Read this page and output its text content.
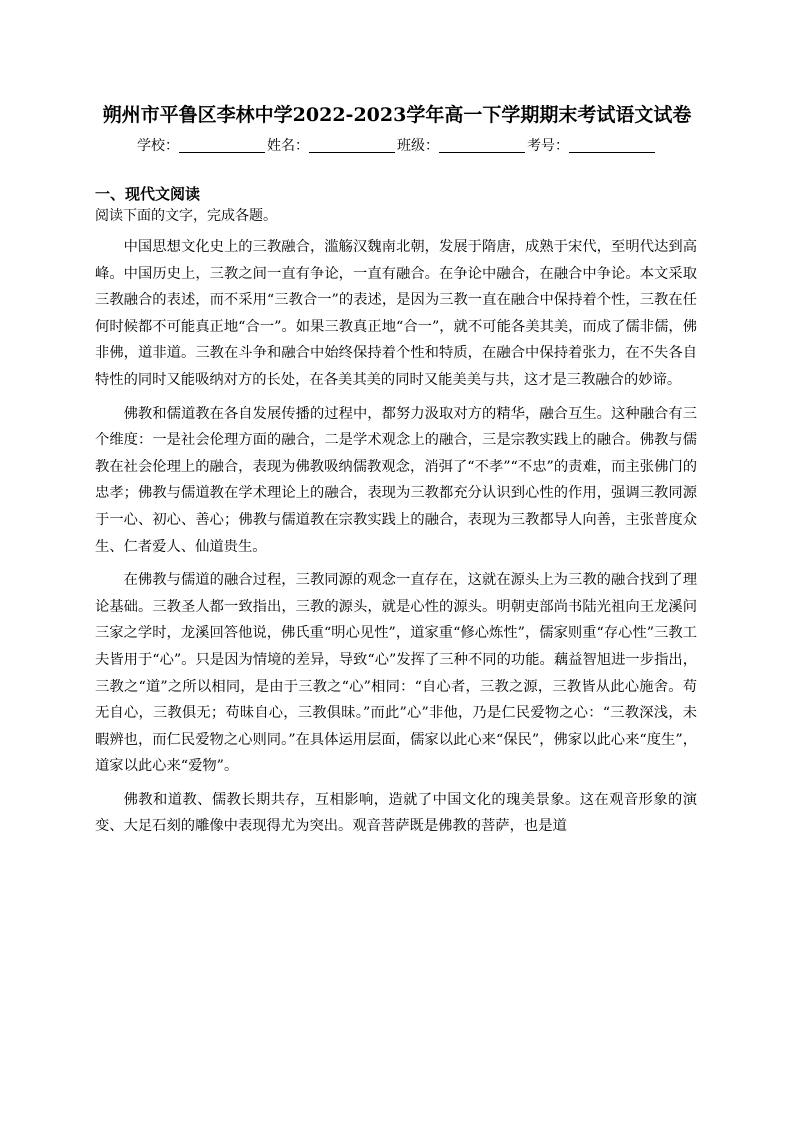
朔州市平鲁区李林中学2022-2023学年高一下学期期末考试语文试卷
学校：	姓名：	班级：	考号：
一、现代文阅读
阅读下面的文字，完成各题。

中国思想文化史上的三教融合，滥觞汉魏南北朝，发展于隋唐，成熟于宋代，至明代达到高峰。中国历史上，三教之间一直有争论，一直有融合。在争论中融合，在融合中争论。本文采取三教融合的表述，而不采用“三教合一”的表述，是因为三教一直在融合中保持着个性，三教在任何时候都不可能真正地“合一”。如果三教真正地“合一”，就不可能各美其美，而成了儒非儒，佛非佛，道非道。三教在斗争和融合中始终保持着个性和特质，在融合中保持着张力，在不失各自特性的同时又能吸纳对方的长处，在各美其美的同时又能美美与共，这才是三教融合的妙谛。

佛教和儒道教在各自发展传播的过程中，都努力汲取对方的精华，融合互生。这种融合有三个维度：一是社会伦理方面的融合，二是学术观念上的融合，三是宗教实践上的融合。佛教与儒教在社会伦理上的融合，表现为佛教吸纳儒教观念，消弭了“不孝”“不忠”的责难，而主张佛门的忠孝；佛教与儒道教在学术理论上的融合，表现为三教都充分认识到心性的作用，强调三教同源于一心、初心、善心；佛教与儒道教在宗教实践上的融合，表现为三教都导人向善，主张普度众生、仁者爱人、仙道贵生。

在佛教与儒道的融合过程，三教同源的观念一直存在，这就在源头上为三教的融合找到了理论基础。三教圣人都一致指出，三教的源头，就是心性的源头。明朝吏部尚书陆光祖向王龙溪问三家之学时，龙溪回答他说，佛氏重“明心见性”，道家重“修心炼性”，儒家则重“存心性”三教工夫皆用于“心”。只是因为情境的差异，导致“心”发挥了三种不同的功能。藕益智旭进一步指出，三教之“道”之所以相同，是由于三教之“心”相同：“自心者，三教之源，三教皆从此心施舍。苟无自心，三教俱无；苟昧自心，三教俱昧。”而此”心”非他，乃是仁民爱物之心：“三教深浅，未暇辨也，而仁民爱物之心则同。”在具体运用层面，儒家以此心来“保民”，佛家以此心来“度生”，道家以此心来“爱物”。

佛教和道教、儒教长期共存，互相影响，造就了中国文化的瑰美景象。这在观音形象的演变、大足石刻的雕像中表现得尤为突出。观音菩萨既是佛教的菩萨，也是道
